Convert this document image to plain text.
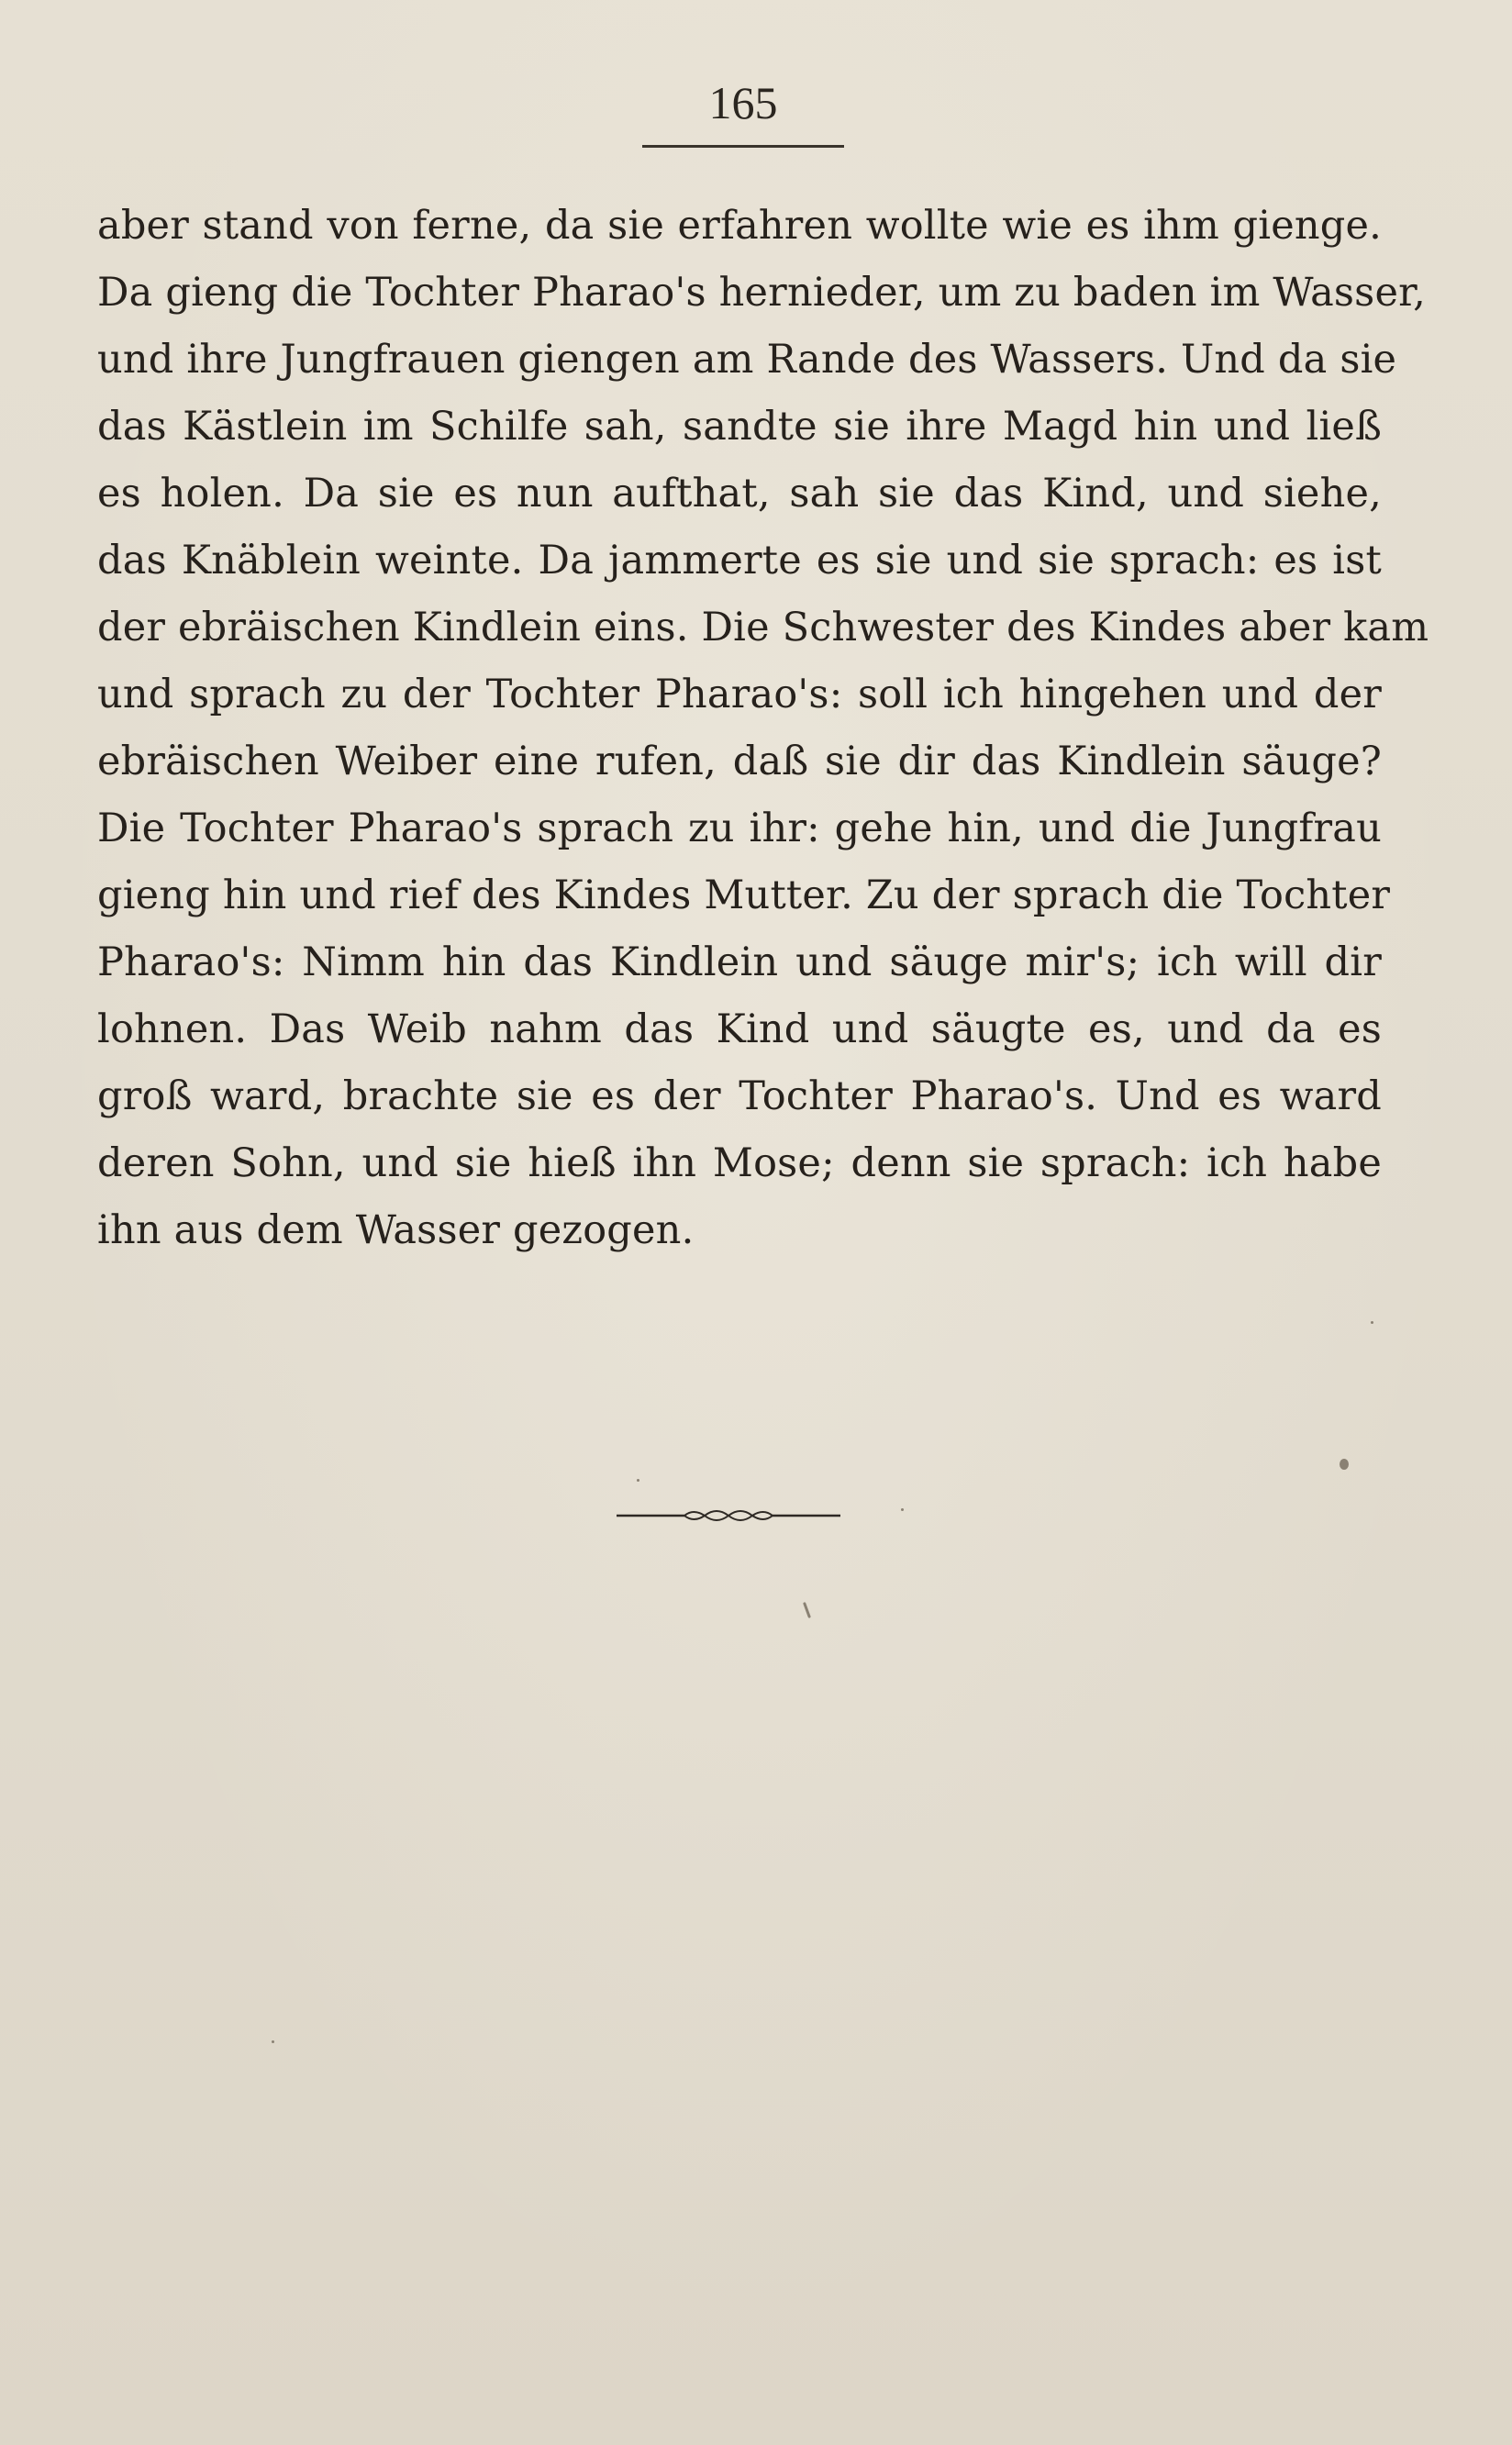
165
aber stand von ferne, da sie erfahren wollte wie es ihm gienge.
Da gieng die Tochter Pharao's hernieder, um zu baden im Wasser,
und ihre Jungfrauen giengen am Rande des Wassers. Und da sie
das Kästlein im Schilfe sah, sandte sie ihre Magd hin und ließ
es holen. Da sie es nun aufthat, sah sie das Kind, und siehe,
das Knäblein weinte. Da jammerte es sie und sie sprach: es ist
der ebräischen Kindlein eins. Die Schwester des Kindes aber kam
und sprach zu der Tochter Pharao's: soll ich hingehen und der
ebräischen Weiber eine rufen, daß sie dir das Kindlein säuge?
Die Tochter Pharao's sprach zu ihr: gehe hin, und die Jungfrau
gieng hin und rief des Kindes Mutter. Zu der sprach die Tochter
Pharao's: Nimm hin das Kindlein und säuge mir's; ich will dir
lohnen. Das Weib nahm das Kind und säugte es, und da es
groß ward, brachte sie es der Tochter Pharao's. Und es ward
deren Sohn, und sie hieß ihn Mose; denn sie sprach: ich habe
ihn aus dem Wasser gezogen.
